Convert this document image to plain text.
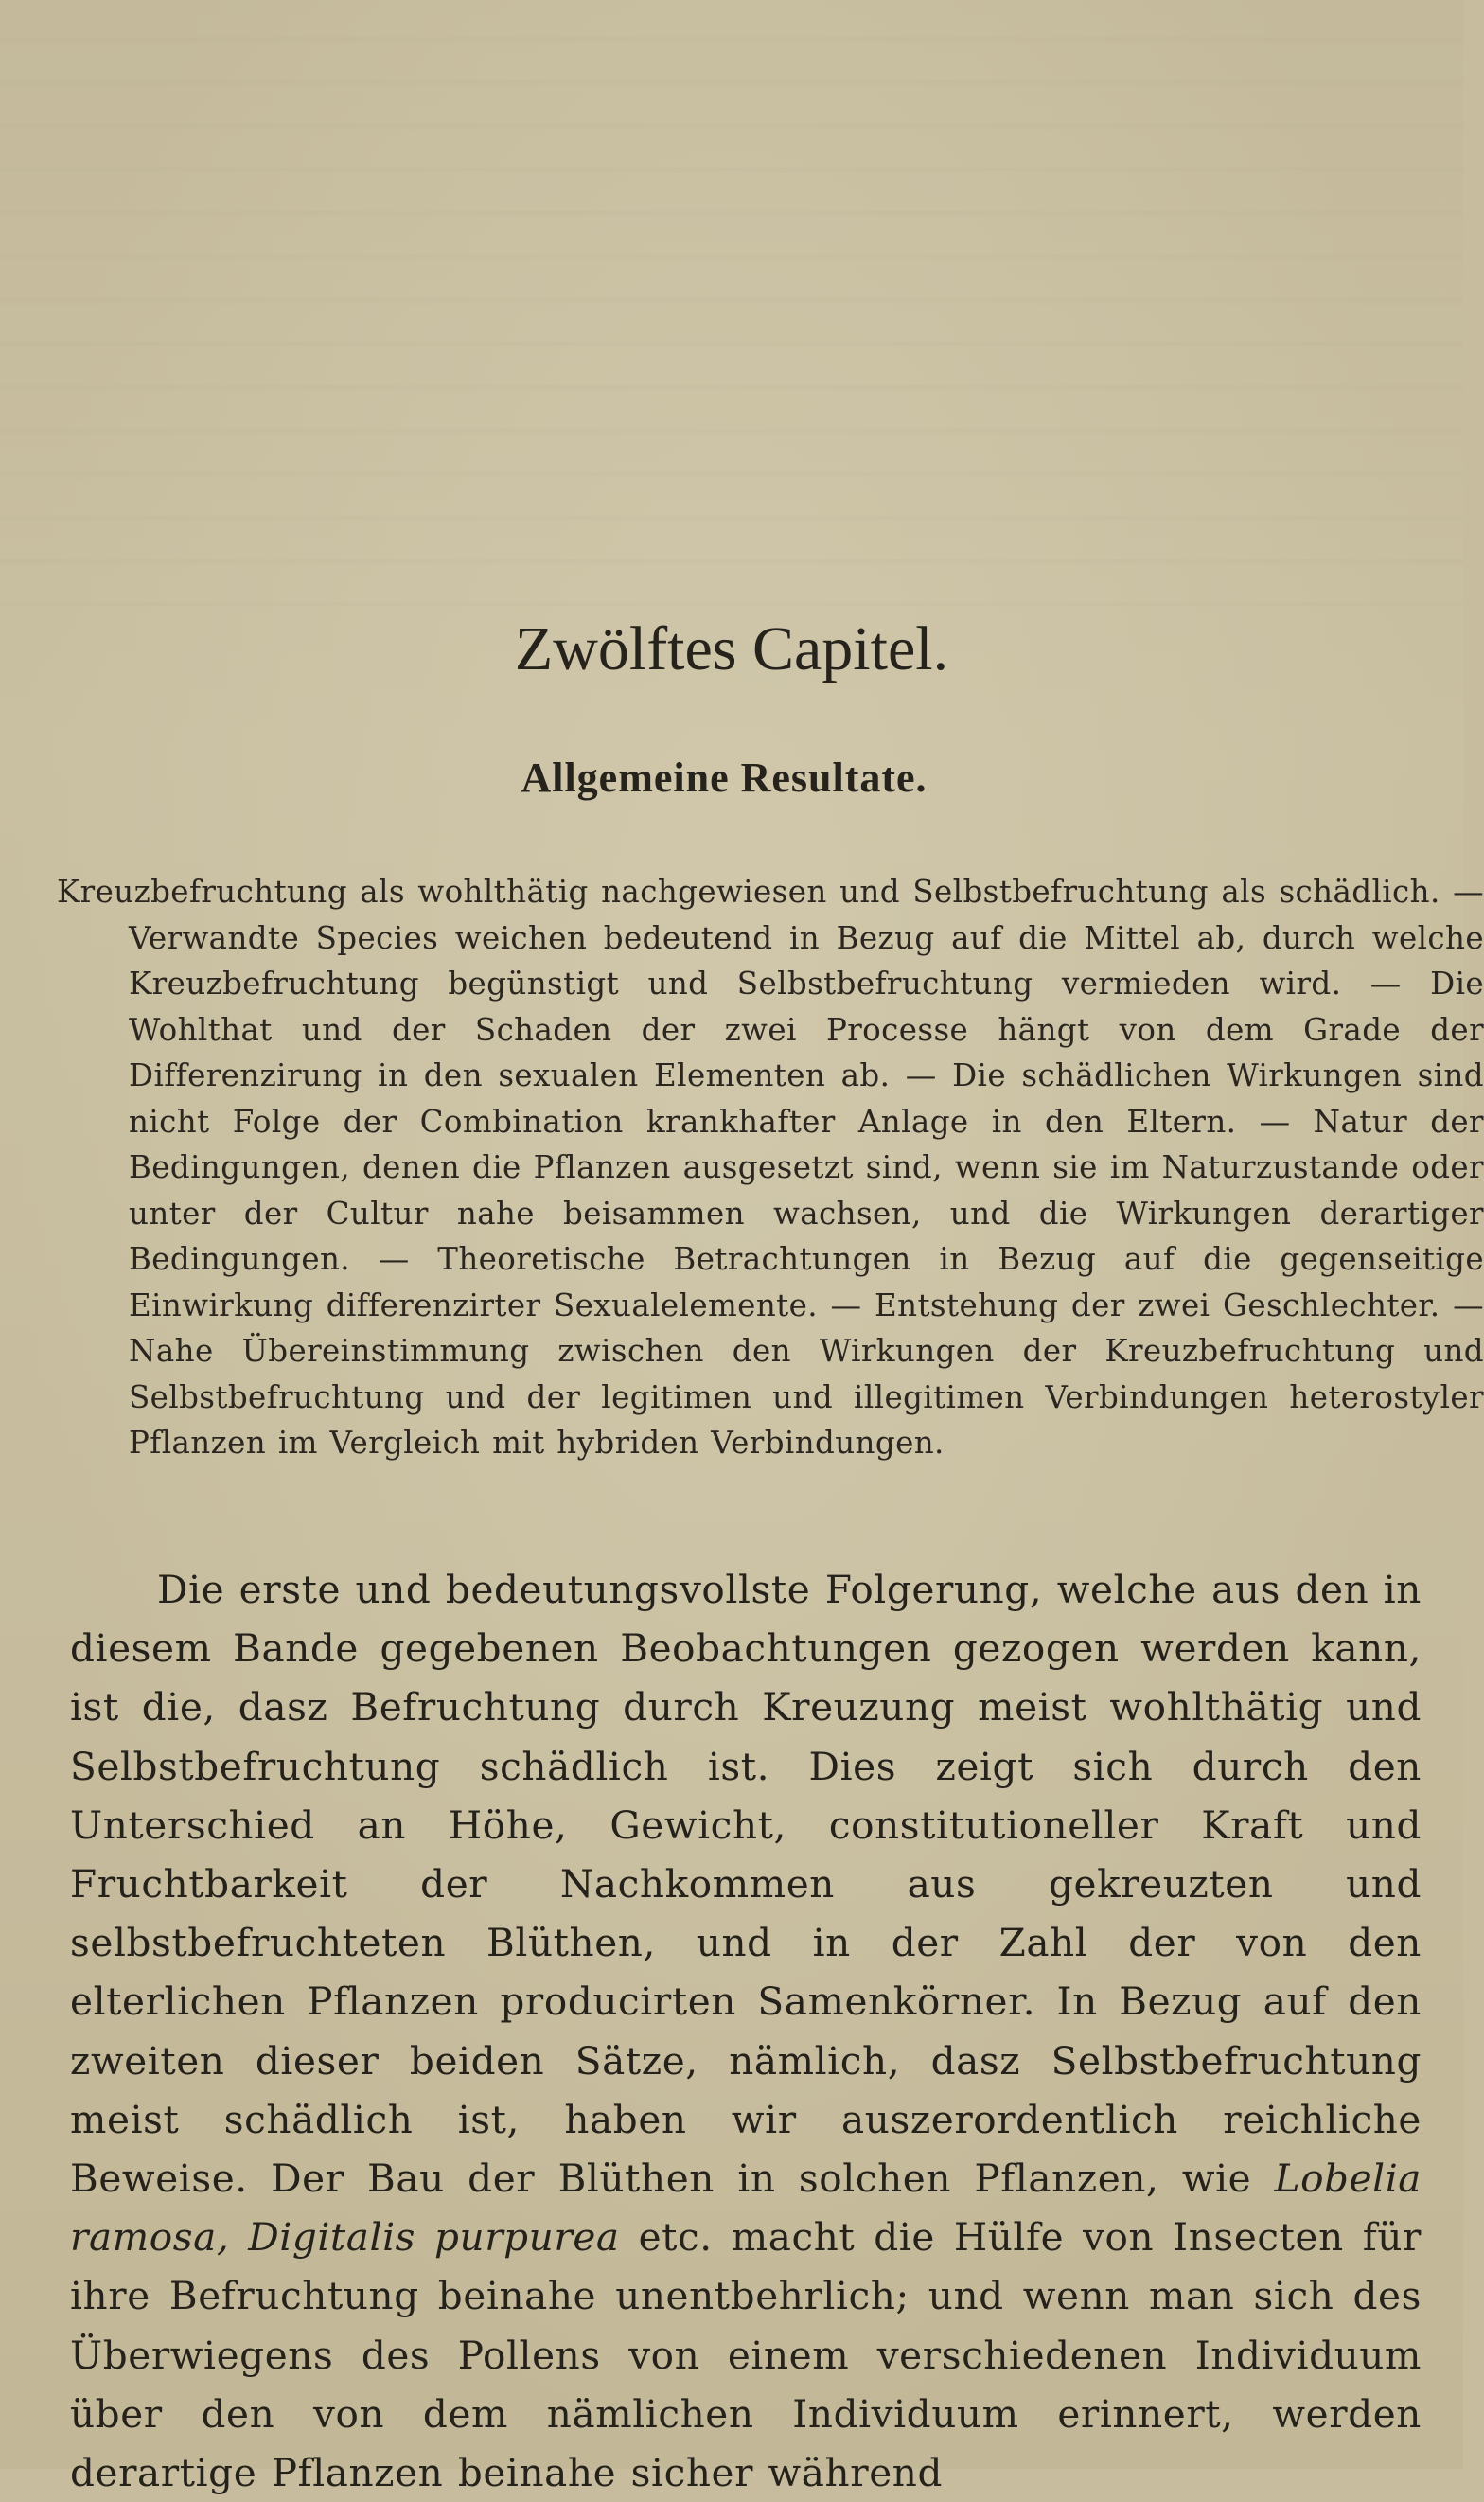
Zwölftes Capitel.
Allgemeine Resultate.

Kreuzbefruchtung als wohlthätig nachgewiesen und Selbstbefruchtung als schädlich. — Verwandte Species weichen bedeutend in Bezug auf die Mittel ab, durch welche Kreuzbefruchtung begünstigt und Selbstbefruchtung vermieden wird. — Die Wohlthat und der Schaden der zwei Processe hängt von dem Grade der Differenzirung in den sexualen Elementen ab. — Die schädlichen Wirkungen sind nicht Folge der Combination krankhafter Anlage in den Eltern. — Natur der Bedingungen, denen die Pflanzen ausgesetzt sind, wenn sie im Naturzustande oder unter der Cultur nahe beisammen wachsen, und die Wirkungen derartiger Bedingungen. — Theoretische Betrachtungen in Bezug auf die gegenseitige Einwirkung differenzirter Sexualelemente. — Entstehung der zwei Geschlechter. — Nahe Übereinstimmung zwischen den Wirkungen der Kreuzbefruchtung und Selbstbefruchtung und der legitimen und illegitimen Verbindungen heterostyler Pflanzen im Vergleich mit hybriden Verbindungen.

Die erste und bedeutungsvollste Folgerung, welche aus den in diesem Bande gegebenen Beobachtungen gezogen werden kann, ist die, dasz Befruchtung durch Kreuzung meist wohlthätig und Selbstbefruchtung schädlich ist. Dies zeigt sich durch den Unterschied an Höhe, Gewicht, constitutioneller Kraft und Fruchtbarkeit der Nachkommen aus gekreuzten und selbstbefruchteten Blüthen, und in der Zahl der von den elterlichen Pflanzen producirten Samenkörner. In Bezug auf den zweiten dieser beiden Sätze, nämlich, dasz Selbstbefruchtung meist schädlich ist, haben wir auszerordentlich reichliche Beweise. Der Bau der Blüthen in solchen Pflanzen, wie Lobelia ramosa, Digitalis purpurea etc. macht die Hülfe von Insecten für ihre Befruchtung beinahe unentbehrlich; und wenn man sich des Überwiegens des Pollens von einem verschiedenen Individuum über den von dem nämlichen Individuum erinnert, werden derartige Pflanzen beinahe sicher während
